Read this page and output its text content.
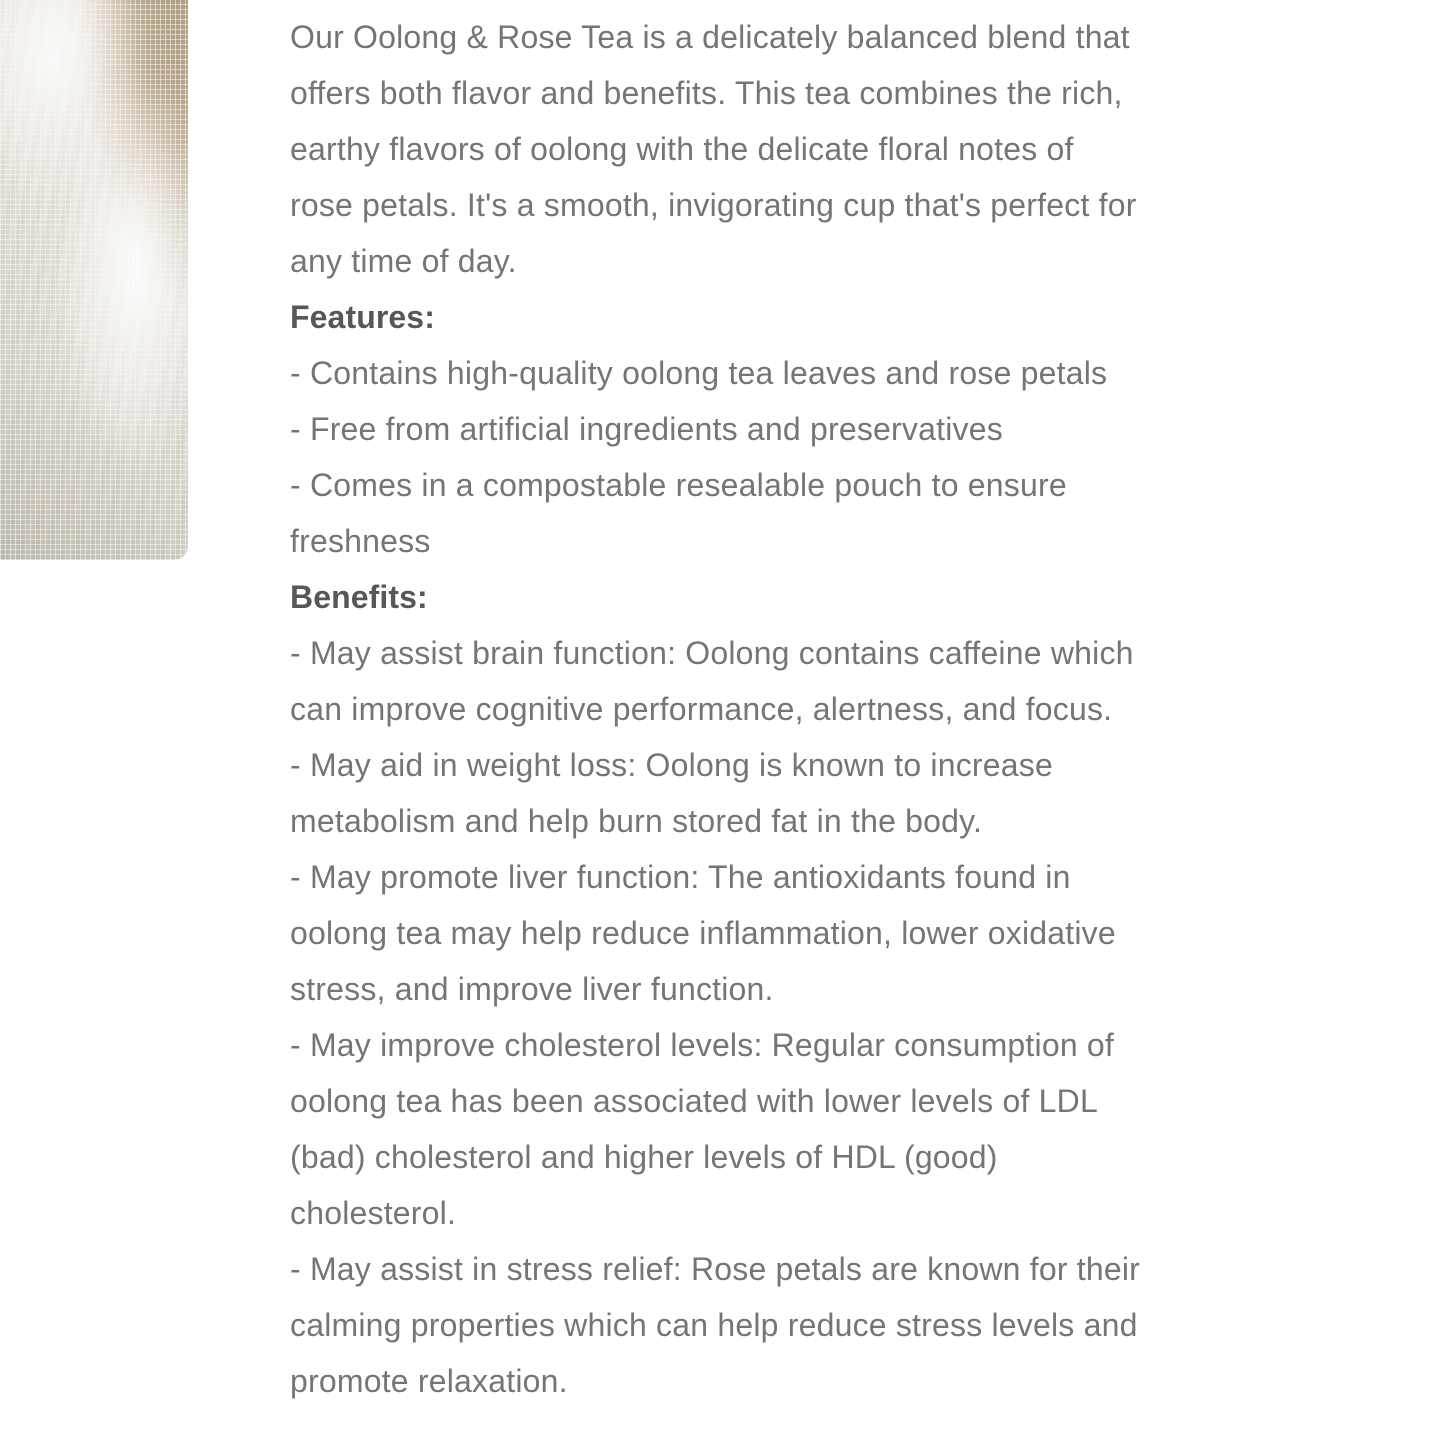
Our Oolong & Rose Tea is a delicately balanced blend that
offers both flavor and benefits. This tea combines the rich,
earthy flavors of oolong with the delicate floral notes of
rose petals. It's a smooth, invigorating cup that's perfect for
any time of day.
Features:
- Contains high-quality oolong tea leaves and rose petals
- Free from artificial ingredients and preservatives
- Comes in a compostable resealable pouch to ensure
freshness
Benefits:
- May assist brain function: Oolong contains caffeine which
can improve cognitive performance, alertness, and focus.
- May aid in weight loss: Oolong is known to increase
metabolism and help burn stored fat in the body.
- May promote liver function: The antioxidants found in
oolong tea may help reduce inflammation, lower oxidative
stress, and improve liver function.
- May improve cholesterol levels: Regular consumption of
oolong tea has been associated with lower levels of LDL
(bad) cholesterol and higher levels of HDL (good)
cholesterol.
- May assist in stress relief: Rose petals are known for their
calming properties which can help reduce stress levels and
promote relaxation.
